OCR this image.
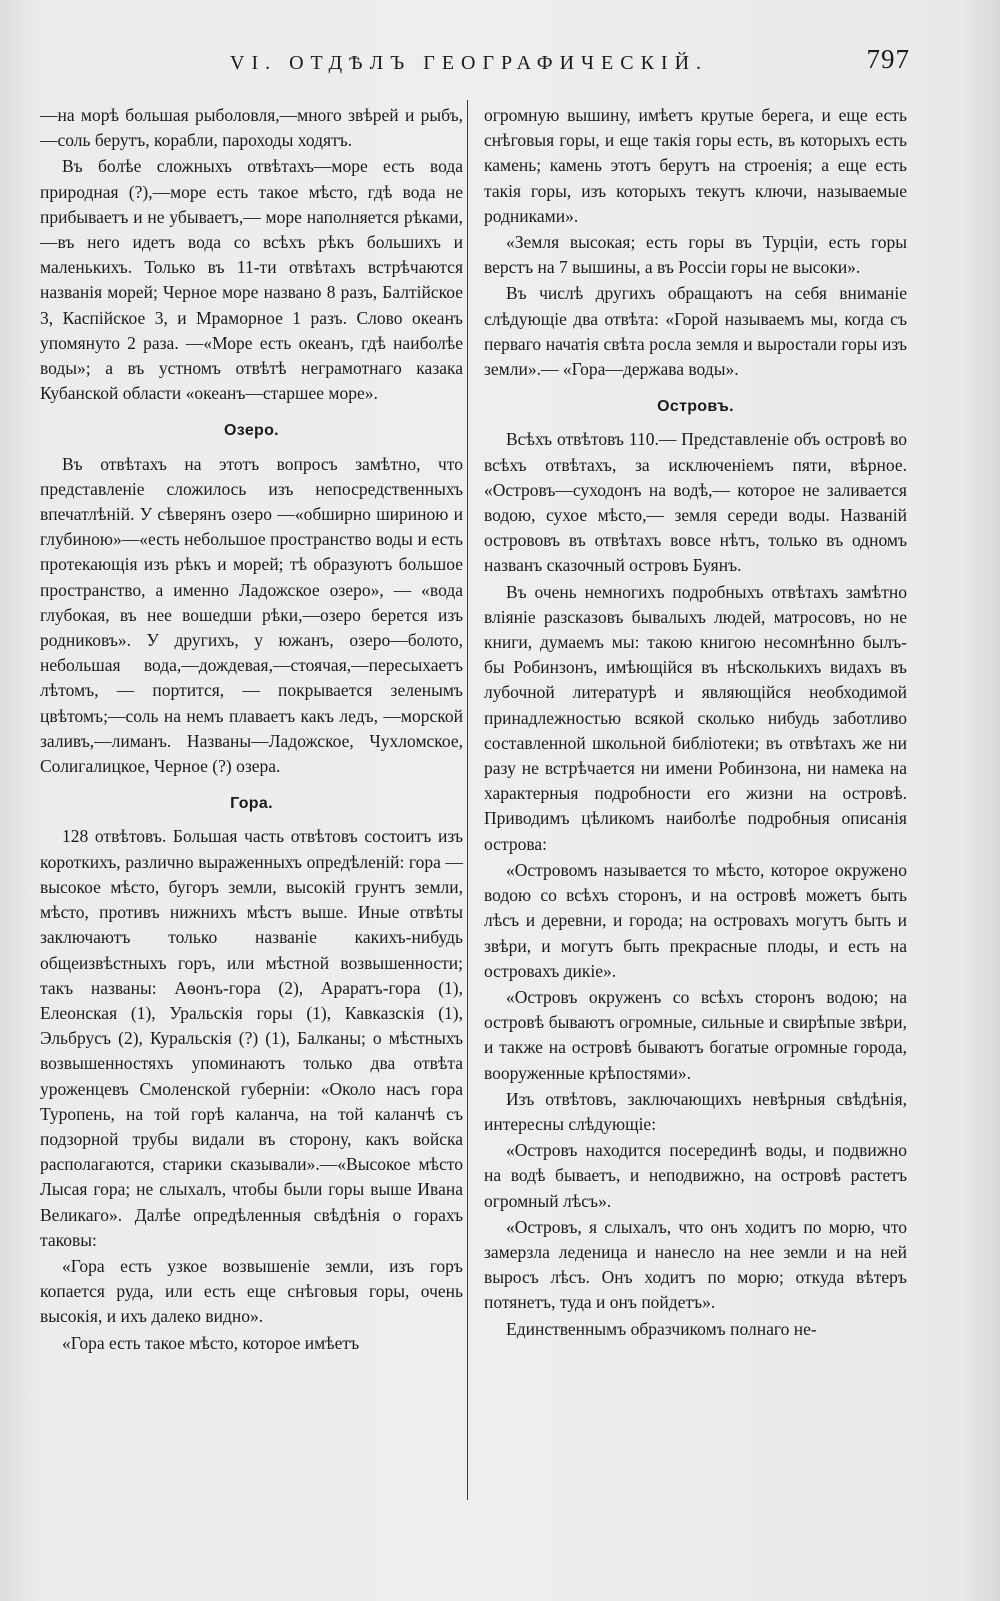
VI. ОТДѢЛЪ ГЕОГРАФИЧЕСКІЙ.	797

—на морѣ большая рыболовля,—много звѣрей и рыбъ,—соль берутъ, корабли, пароходы ходятъ.

Въ болѣе сложныхъ отвѣтахъ—море есть вода природная (?),—море есть такое мѣсто, гдѣ вода не прибываетъ и не убываетъ,— море наполняется рѣками,—въ него идетъ вода со всѣхъ рѣкъ большихъ и маленькихъ. Только въ 11-ти отвѣтахъ встрѣчаются названія морей; Черное море названо 8 разъ, Балтійское 3, Каспійское 3, и Мраморное 1 разъ. Слово океанъ упомянуто 2 раза. —«Море есть океанъ, гдѣ наиболѣе воды»; а въ устномъ отвѣтѣ неграмотнаго казака Кубанской области «океанъ—старшее море».

Озеро.

Въ отвѣтахъ на этотъ вопросъ замѣтно, что представленіе сложилось изъ непосредственныхъ впечатлѣній. У сѣверянъ озеро —«обширно шириною и глубиною»—«есть небольшое пространство воды и есть протекающія изъ рѣкъ и морей; тѣ образуютъ большое пространство, а именно Ладожское озеро», — «вода глубокая, въ нее вошедши рѣки,—озеро берется изъ родниковъ». У другихъ, у южанъ, озеро—болото, небольшая вода,—дождевая,—стоячая,—пересыхаетъ лѣтомъ, — портится, — покрывается зеленымъ цвѣтомъ;—соль на немъ плаваетъ какъ ледъ, —морской заливъ,—лиманъ. Названы—Ладожское, Чухломское, Солигалицкое, Черное (?) озера.

Гора.

128 отвѣтовъ. Большая часть отвѣтовъ состоитъ изъ короткихъ, различно выраженныхъ опредѣленій: гора — высокое мѣсто, бугоръ земли, высокій грунтъ земли, мѣсто, противъ нижнихъ мѣстъ выше. Иные отвѣты заключаютъ только названіе какихъ-нибудь общеизвѣстныхъ горъ, или мѣстной возвышенности; такъ названы: Аѳонъ-гора (2), Араратъ-гора (1), Елеонская (1), Уральскія горы (1), Кавказскія (1), Эльбрусъ (2), Куральскія (?) (1), Балканы; о мѣстныхъ возвышенностяхъ упоминаютъ только два отвѣта уроженцевъ Смоленской губерніи: «Около насъ гора Туропень, на той горѣ каланча, на той каланчѣ съ подзорной трубы видали въ сторону, какъ войска располагаются, старики сказывали».—«Высокое мѣсто Лысая гора; не слыхалъ, чтобы были горы выше Ивана Великаго». Далѣе опредѣленныя свѣдѣнія о горахъ таковы:

«Гора есть узкое возвышеніе земли, изъ горъ копается руда, или есть еще снѣговыя горы, очень высокія, и ихъ далеко видно».

«Гора есть такое мѣсто, которое имѣетъ

огромную вышину, имѣетъ крутые берега, и еще есть снѣговыя горы, и еще такія горы есть, въ которыхъ есть камень; камень этотъ берутъ на строенія; а еще есть такія горы, изъ которыхъ текутъ ключи, называемые родниками».

«Земля высокая; есть горы въ Турціи, есть горы верстъ на 7 вышины, а въ Россіи горы не высоки».

Въ числѣ другихъ обращаютъ на себя вниманіе слѣдующіе два отвѣта: «Горой называемъ мы, когда съ перваго начатія свѣта росла земля и выростали горы изъ земли».— «Гора—держава воды».

Островъ.

Всѣхъ отвѣтовъ 110.— Представленіе объ островѣ во всѣхъ отвѣтахъ, за исключеніемъ пяти, вѣрное. «Островъ—суходонъ на водѣ,— которое не заливается водою, сухое мѣсто,— земля середи воды. Названій острововъ въ отвѣтахъ вовсе нѣтъ, только въ одномъ названъ сказочный островъ Буянъ.

Въ очень немногихъ подробныхъ отвѣтахъ замѣтно вліяніе разсказовъ бывалыхъ людей, матросовъ, но не книги, думаемъ мы: такою книгою несомнѣнно былъ-бы Робинзонъ, имѣющійся въ нѣсколькихъ видахъ въ лубочной литературѣ и являющійся необходимой принадлежностью всякой сколько нибудь заботливо составленной школьной библіотеки; въ отвѣтахъ же ни разу не встрѣчается ни имени Робинзона, ни намека на характерныя подробности его жизни на островѣ. Приводимъ цѣликомъ наиболѣе подробныя описанія острова:

«Островомъ называется то мѣсто, которое окружено водою со всѣхъ сторонъ, и на островѣ можетъ быть лѣсъ и деревни, и города; на островахъ могутъ быть и звѣри, и могутъ быть прекрасные плоды, и есть на островахъ дикіе».

«Островъ окруженъ со всѣхъ сторонъ водою; на островѣ бываютъ огромные, сильные и свирѣпые звѣри, и также на островѣ бываютъ богатые огромные города, вооруженные крѣпостями».

Изъ отвѣтовъ, заключающихъ невѣрныя свѣдѣнія, интересны слѣдующіе:

«Островъ находится посерединѣ воды, и подвижно на водѣ бываетъ, и неподвижно, на островѣ растетъ огромный лѣсъ».

«Островъ, я слыхалъ, что онъ ходитъ по морю, что замерзла леденица и нанесло на нее земли и на ней выросъ лѣсъ. Онъ ходитъ по морю; откуда вѣтеръ потянетъ, туда и онъ пойдетъ».

Единственнымъ образчикомъ полнаго не-
